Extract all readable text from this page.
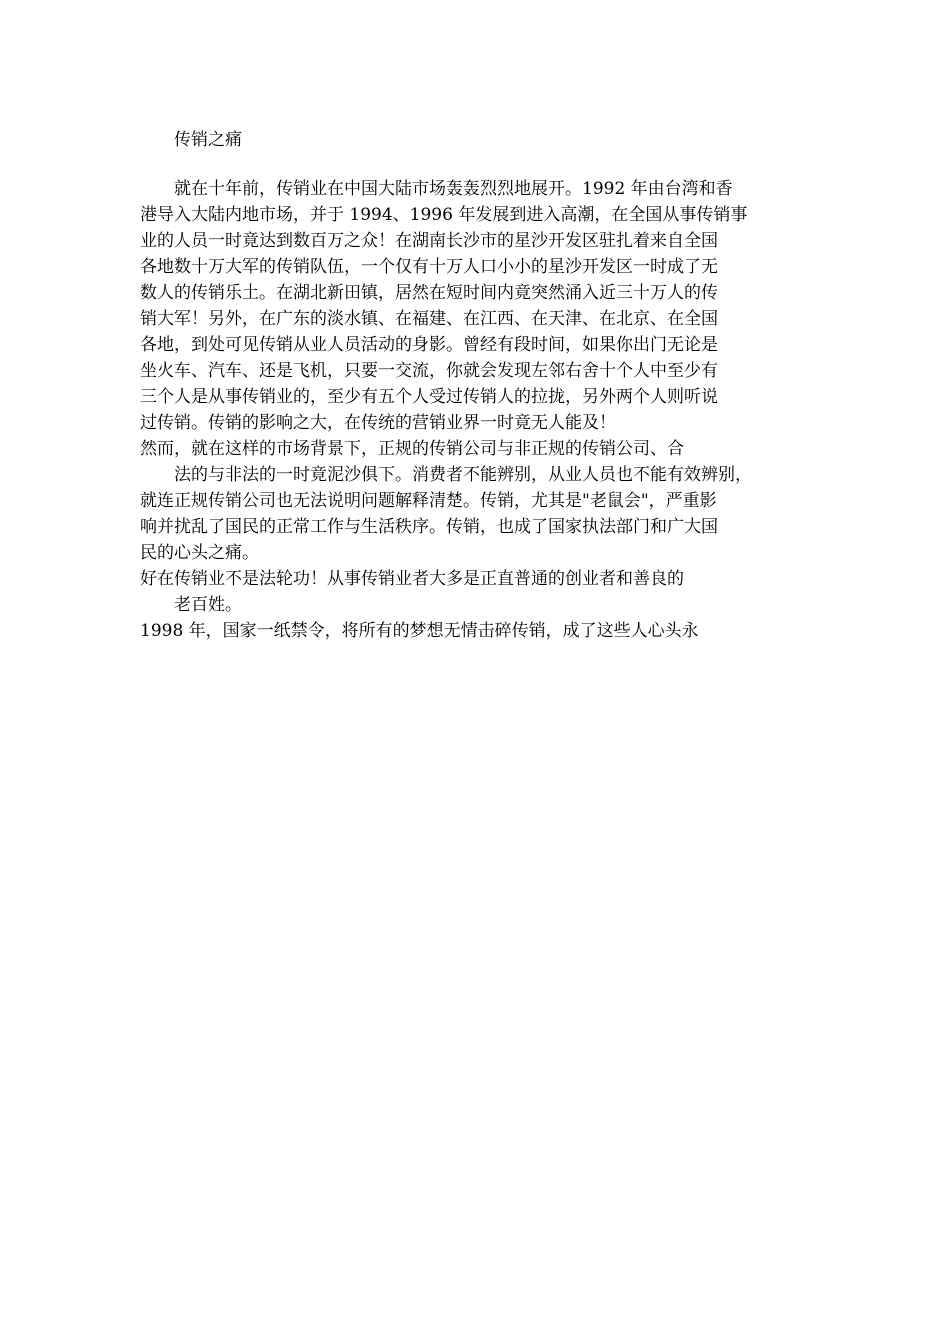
传销之痛

就在十年前，传销业在中国大陆市场轰轰烈烈地展开。1992 年由台湾和香

港导入大陆内地市场，并于 1994、1996 年发展到进入高潮，在全国从事传销事

业的人员一时竟达到数百万之众！在湖南长沙市的星沙开发区驻扎着来自全国

各地数十万大军的传销队伍，一个仅有十万人口小小的星沙开发区一时成了无

数人的传销乐土。在湖北新田镇，居然在短时间内竟突然涌入近三十万人的传

销大军！另外，在广东的淡水镇、在福建、在江西、在天津、在北京、在全国

各地，到处可见传销从业人员活动的身影。曾经有段时间，如果你出门无论是

坐火车、汽车、还是飞机，只要一交流，你就会发现左邻右舍十个人中至少有

三个人是从事传销业的，至少有五个人受过传销人的拉拢，另外两个人则听说

过传销。传销的影响之大，在传统的营销业界一时竟无人能及！

然而，就在这样的市场背景下，正规的传销公司与非正规的传销公司、合

法的与非法的一时竟泥沙俱下。消费者不能辨别，从业人员也不能有效辨别，

就连正规传销公司也无法说明问题解释清楚。传销，尤其是"老鼠会"，严重影

响并扰乱了国民的正常工作与生活秩序。传销，也成了国家执法部门和广大国

民的心头之痛。

好在传销业不是法轮功！从事传销业者大多是正直普通的创业者和善良的

老百姓。

1998 年，国家一纸禁令，将所有的梦想无情击碎传销，成了这些人心头永
